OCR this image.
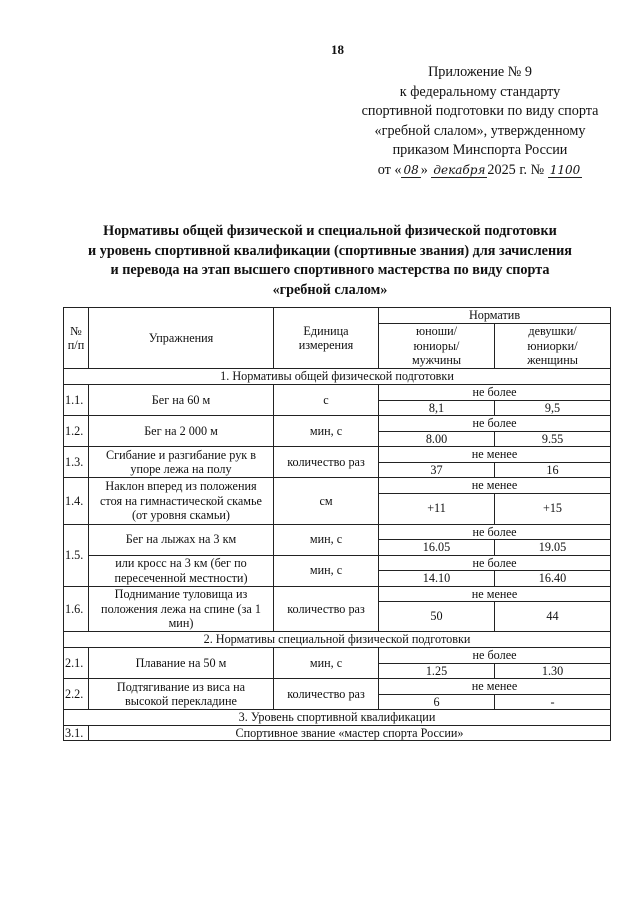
18
Приложение № 9
к федеральному стандарту
спортивной подготовки по виду спорта
«гребной слалом», утвержденному
приказом Минспорта России
от « 08 » декабря 2025 г. № 1100
Нормативы общей физической и специальной физической подготовки
и уровень спортивной квалификации (спортивные звания) для зачисления
и перевода на этап высшего спортивного мастерства по виду спорта
«гребной слалом»
№ п/п	Упражнения	Единица измерения	Норматив	
			юноши/ юниоры/ мужчины	девушки/ юниорки/ женщины
1. Нормативы общей физической подготовки				
1.1.	Бег на 60 м	с	не более	
			8,1	9,5
1.2.	Бег на 2 000 м	мин, с	не более	
			8.00	9.55
1.3.	Сгибание и разгибание рук в упоре лежа на полу	количество раз	не менее	
			37	16
1.4.	Наклон вперед из положения стоя на гимнастической скамье (от уровня скамьи)	см	не менее	
			+11	+15
1.5.	Бег на лыжах на 3 км	мин, с	не более	
			16.05	19.05
	или кросс на 3 км (бег по пересеченной местности)	мин, с	не более	
			14.10	16.40
1.6.	Поднимание туловища из положения лежа на спине (за 1 мин)	количество раз	не менее	
			50	44
2. Нормативы специальной физической подготовки				
2.1.	Плавание на 50 м	мин, с	не более	
			1.25	1.30
2.2.	Подтягивание из виса на высокой перекладине	количество раз	не менее	
			6	-
3. Уровень спортивной квалификации				
3.1.	Спортивное звание «мастер спорта России»			
